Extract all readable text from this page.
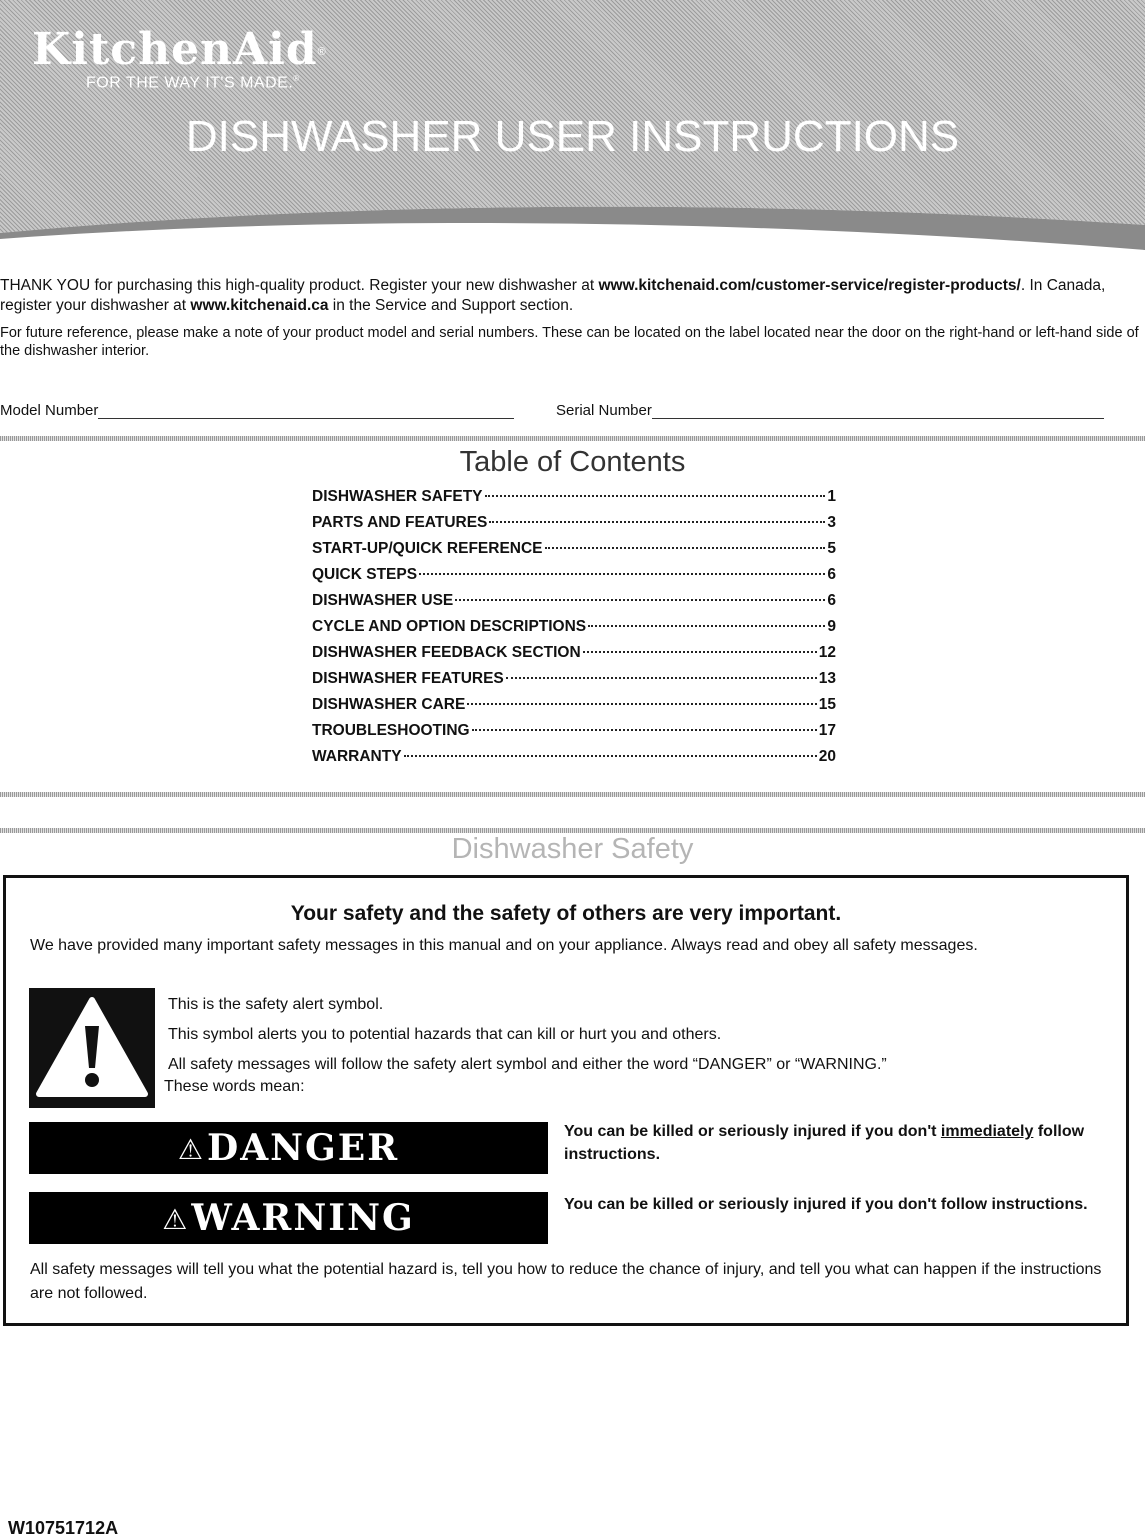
KitchenAid®
FOR THE WAY IT'S MADE.®
DISHWASHER USER INSTRUCTIONS

THANK YOU for purchasing this high-quality product. Register your new dishwasher at www.kitchenaid.com/customer-service/register-products/. In Canada, register your dishwasher at www.kitchenaid.ca in the Service and Support section.

For future reference, please make a note of your product model and serial numbers. These can be located on the label located near the door on the right-hand or left-hand side of the dishwasher interior.

Model Number	Serial Number
Table of Contents
DISHWASHER SAFETY	1
PARTS AND FEATURES	3
START-UP/QUICK REFERENCE	5
QUICK STEPS	6
DISHWASHER USE	6
CYCLE AND OPTION DESCRIPTIONS	9
DISHWASHER FEEDBACK SECTION	12
DISHWASHER FEATURES	13
DISHWASHER CARE	15
TROUBLESHOOTING	17
WARRANTY	20
Dishwasher Safety
Your safety and the safety of others are very important.
We have provided many important safety messages in this manual and on your appliance. Always read and obey all safety messages.
This is the safety alert symbol.
This symbol alerts you to potential hazards that can kill or hurt you and others.
All safety messages will follow the safety alert symbol and either the word “DANGER” or “WARNING.”
These words mean:
⚠ DANGER	You can be killed or seriously injured if you don't immediately follow instructions.
⚠ WARNING	You can be killed or seriously injured if you don't follow instructions.
All safety messages will tell you what the potential hazard is, tell you how to reduce the chance of injury, and tell you what can happen if the instructions are not followed.
W10751712A
